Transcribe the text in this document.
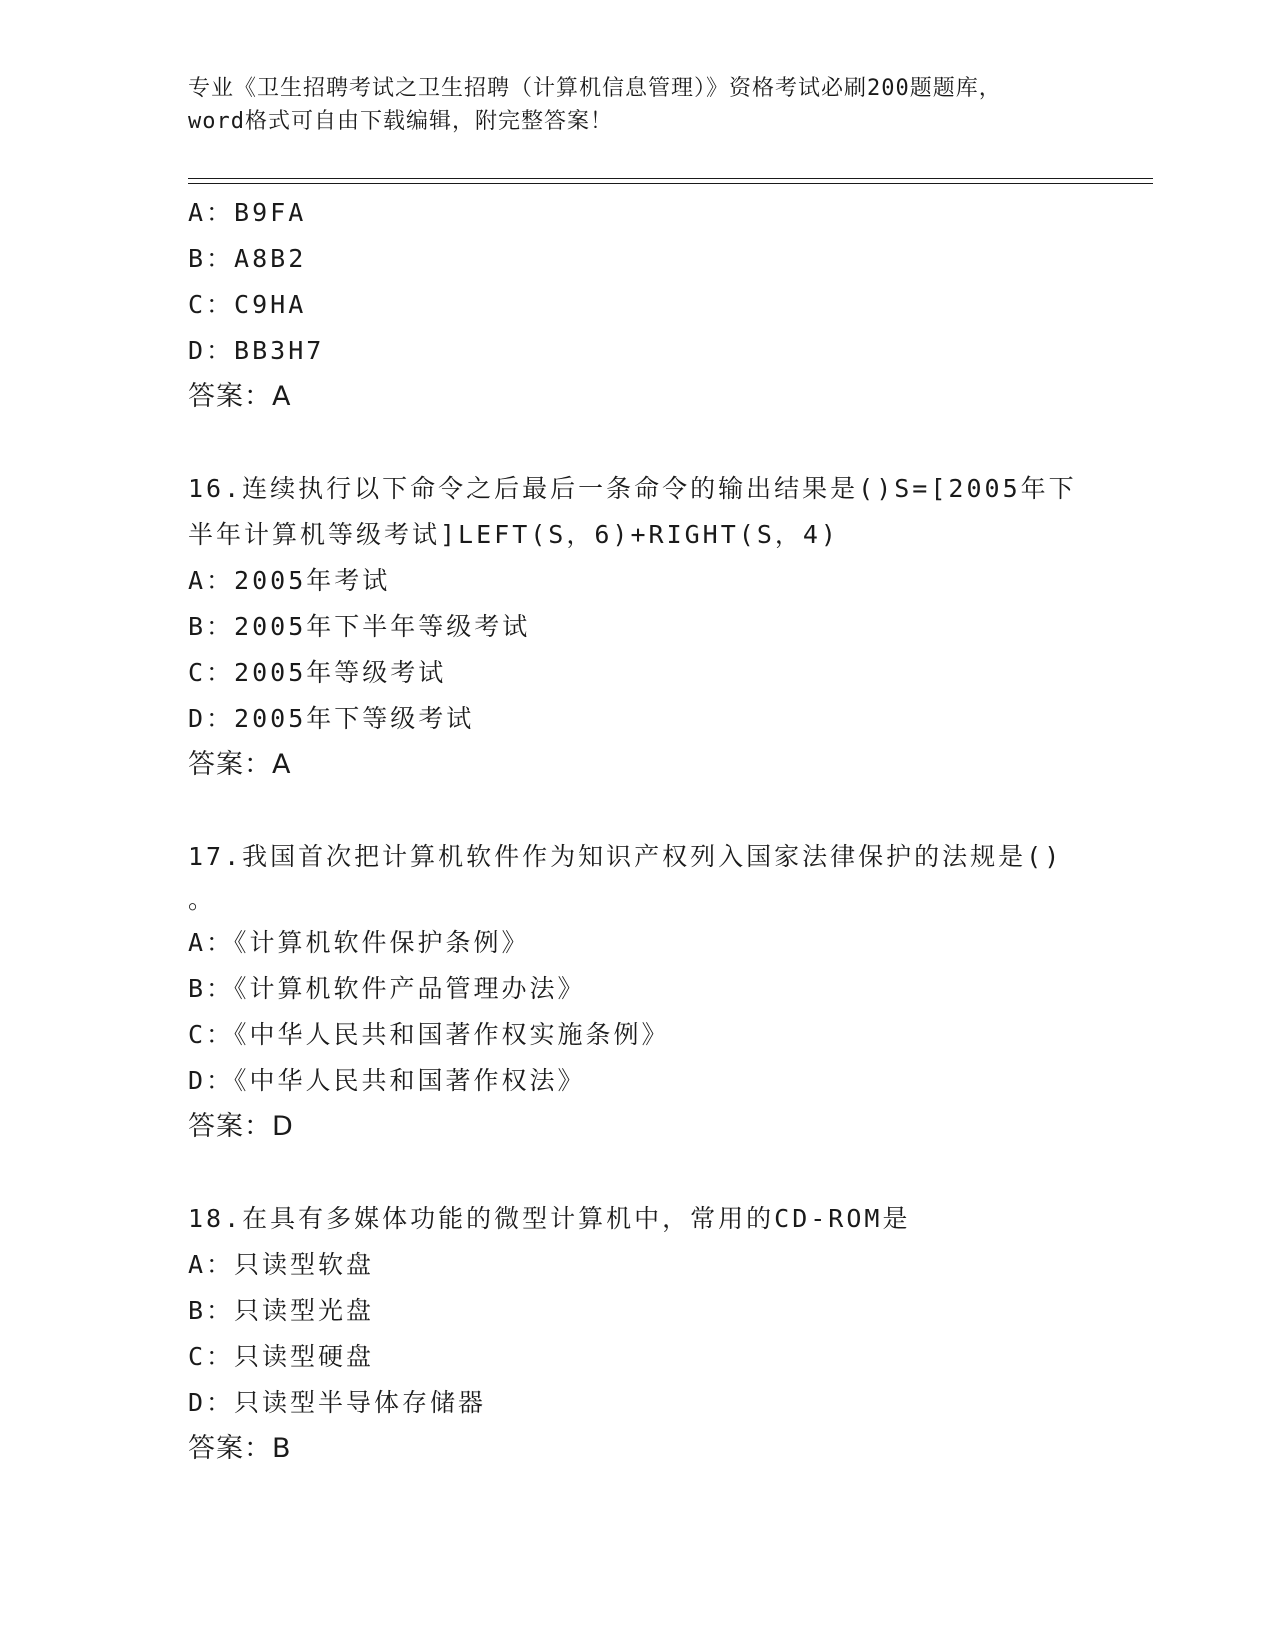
专业《卫生招聘考试之卫生招聘（计算机信息管理）》资格考试必刷200题题库，
word格式可自由下载编辑，附完整答案！
A：B9FA
B：A8B2
C：C9HA
D：BB3H7
答案：A
16.连续执行以下命令之后最后一条命令的输出结果是()S=[2005年下
半年计算机等级考试]LEFT(S，6)+RIGHT(S，4)
A：2005年考试
B：2005年下半年等级考试
C：2005年等级考试
D：2005年下等级考试
答案：A
17.我国首次把计算机软件作为知识产权列入国家法律保护的法规是()
。
A：《计算机软件保护条例》
B：《计算机软件产品管理办法》
C：《中华人民共和国著作权实施条例》
D：《中华人民共和国著作权法》
答案：D
18.在具有多媒体功能的微型计算机中，常用的CD-ROM是
A：只读型软盘
B：只读型光盘
C：只读型硬盘
D：只读型半导体存储器
答案：B
